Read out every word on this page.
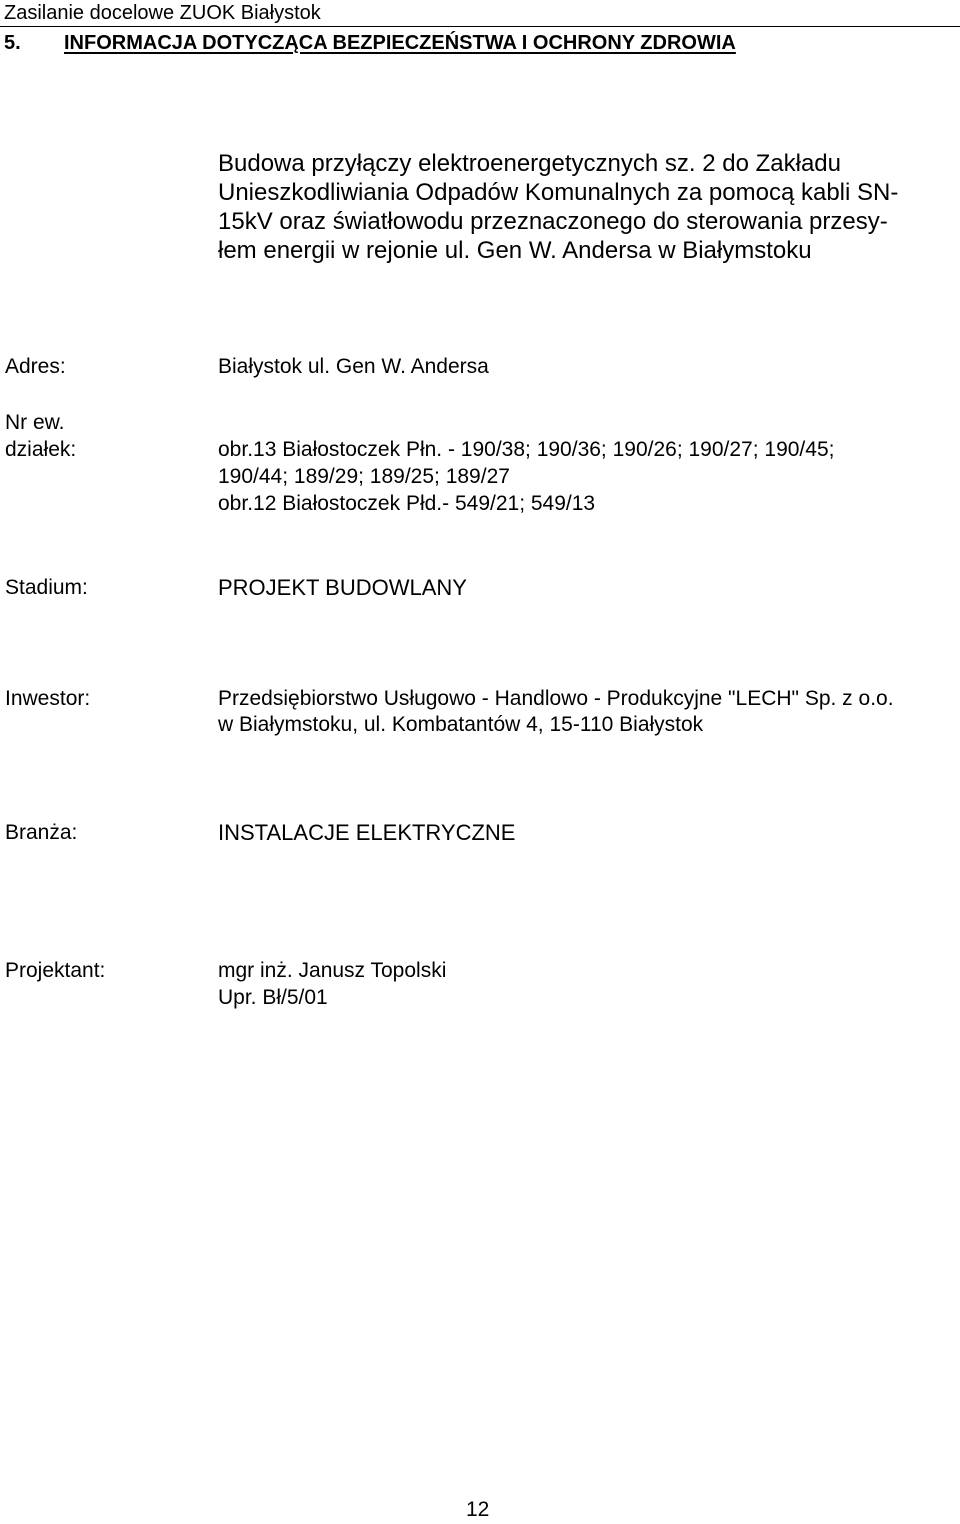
Zasilanie docelowe ZUOK Białystok

5. INFORMACJA DOTYCZĄCA BEZPIECZEŃSTWA I OCHRONY ZDROWIA

Budowa przyłączy elektroenergetycznych sz. 2 do Zakładu
Unieszkodliwiania Odpadów Komunalnych za pomocą kabli SN-
15kV oraz światłowodu przeznaczonego do sterowania przesy-
łem energii w rejonie ul. Gen W. Andersa w Białymstoku

Adres:	Białystok ul. Gen W. Andersa

Nr ew.

działek:	obr.13 Białostoczek Płn. - 190/38; 190/36; 190/26; 190/27; 190/45;

190/44; 189/29; 189/25; 189/27

obr.12 Białostoczek Płd.- 549/21; 549/13

Stadium:	PROJEKT BUDOWLANY

Inwestor:	Przedsiębiorstwo Usługowo - Handlowo - Produkcyjne "LECH" Sp. z o.o.

w Białymstoku, ul. Kombatantów 4, 15-110 Białystok

Branża:	INSTALACJE ELEKTRYCZNE

Projektant:	mgr inż. Janusz Topolski

Upr. Bł/5/01

12
